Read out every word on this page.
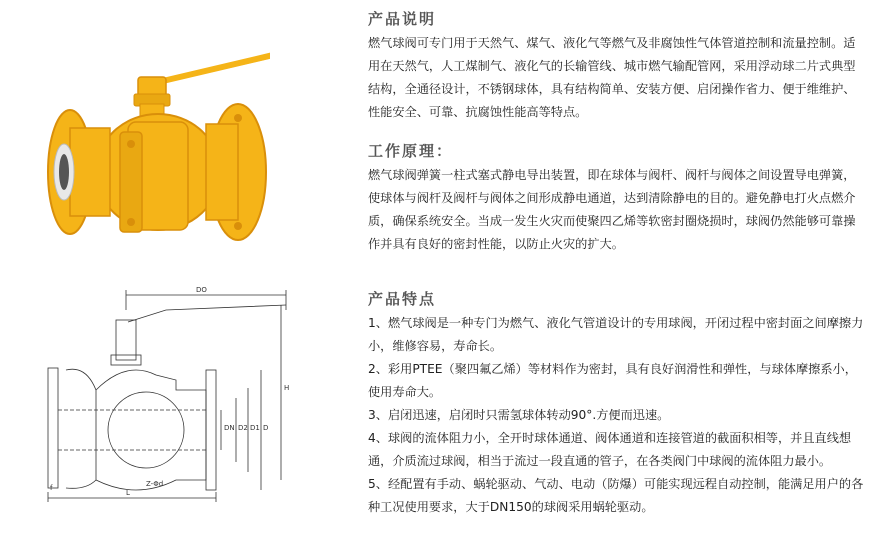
DO
H
DN D2 D1 D
L
Z-Φd
f
产品说明

燃气球阀可专门用于天然气、煤气、液化气等燃气及非腐蚀性气体管道控制和流量控制。适用在天然气，人工煤制气、液化气的长输管线、城市燃气输配管网，采用浮动球二片式典型结构，全通径设计，不锈钢球体，具有结构简单、安装方便、启闭操作省力、便于维维护、性能安全、可靠、抗腐蚀性能高等特点。

工作原理：

燃气球阀弹簧一柱式塞式静电导出装置，即在球体与阀杆、阀杆与阀体之间设置导电弹簧，使球体与阀杆及阀杆与阀体之间形成静电通道，达到清除静电的目的。避免静电打火点燃介质，确保系统安全。当成一发生火灾而使聚四乙烯等软密封圈烧损时，球阀仍然能够可靠操作并具有良好的密封性能，以防止火灾的扩大。

产品特点

1、燃气球阀是一种专门为燃气、液化气管道设计的专用球阀，开闭过程中密封面之间摩擦力小，维修容易，寿命长。

2、彩用PTEE（聚四氟乙烯）等材料作为密封，具有良好润滑性和弹性，与球体摩擦系小，使用寿命大。

3、启闭迅速，启闭时只需氢球体转动90°.方便而迅速。

4、球阀的流体阻力小，全开时球体通道、阀体通道和连接管道的截面积相等，并且直线想通，介质流过球阀，相当于流过一段直通的管子，在各类阀门中球阀的流体阻力最小。

5、经配置有手动、蜗轮驱动、气动、电动（防爆）可能实现远程自动控制，能满足用户的各种工况使用要求，大于DN150的球阀采用蜗轮驱动。
